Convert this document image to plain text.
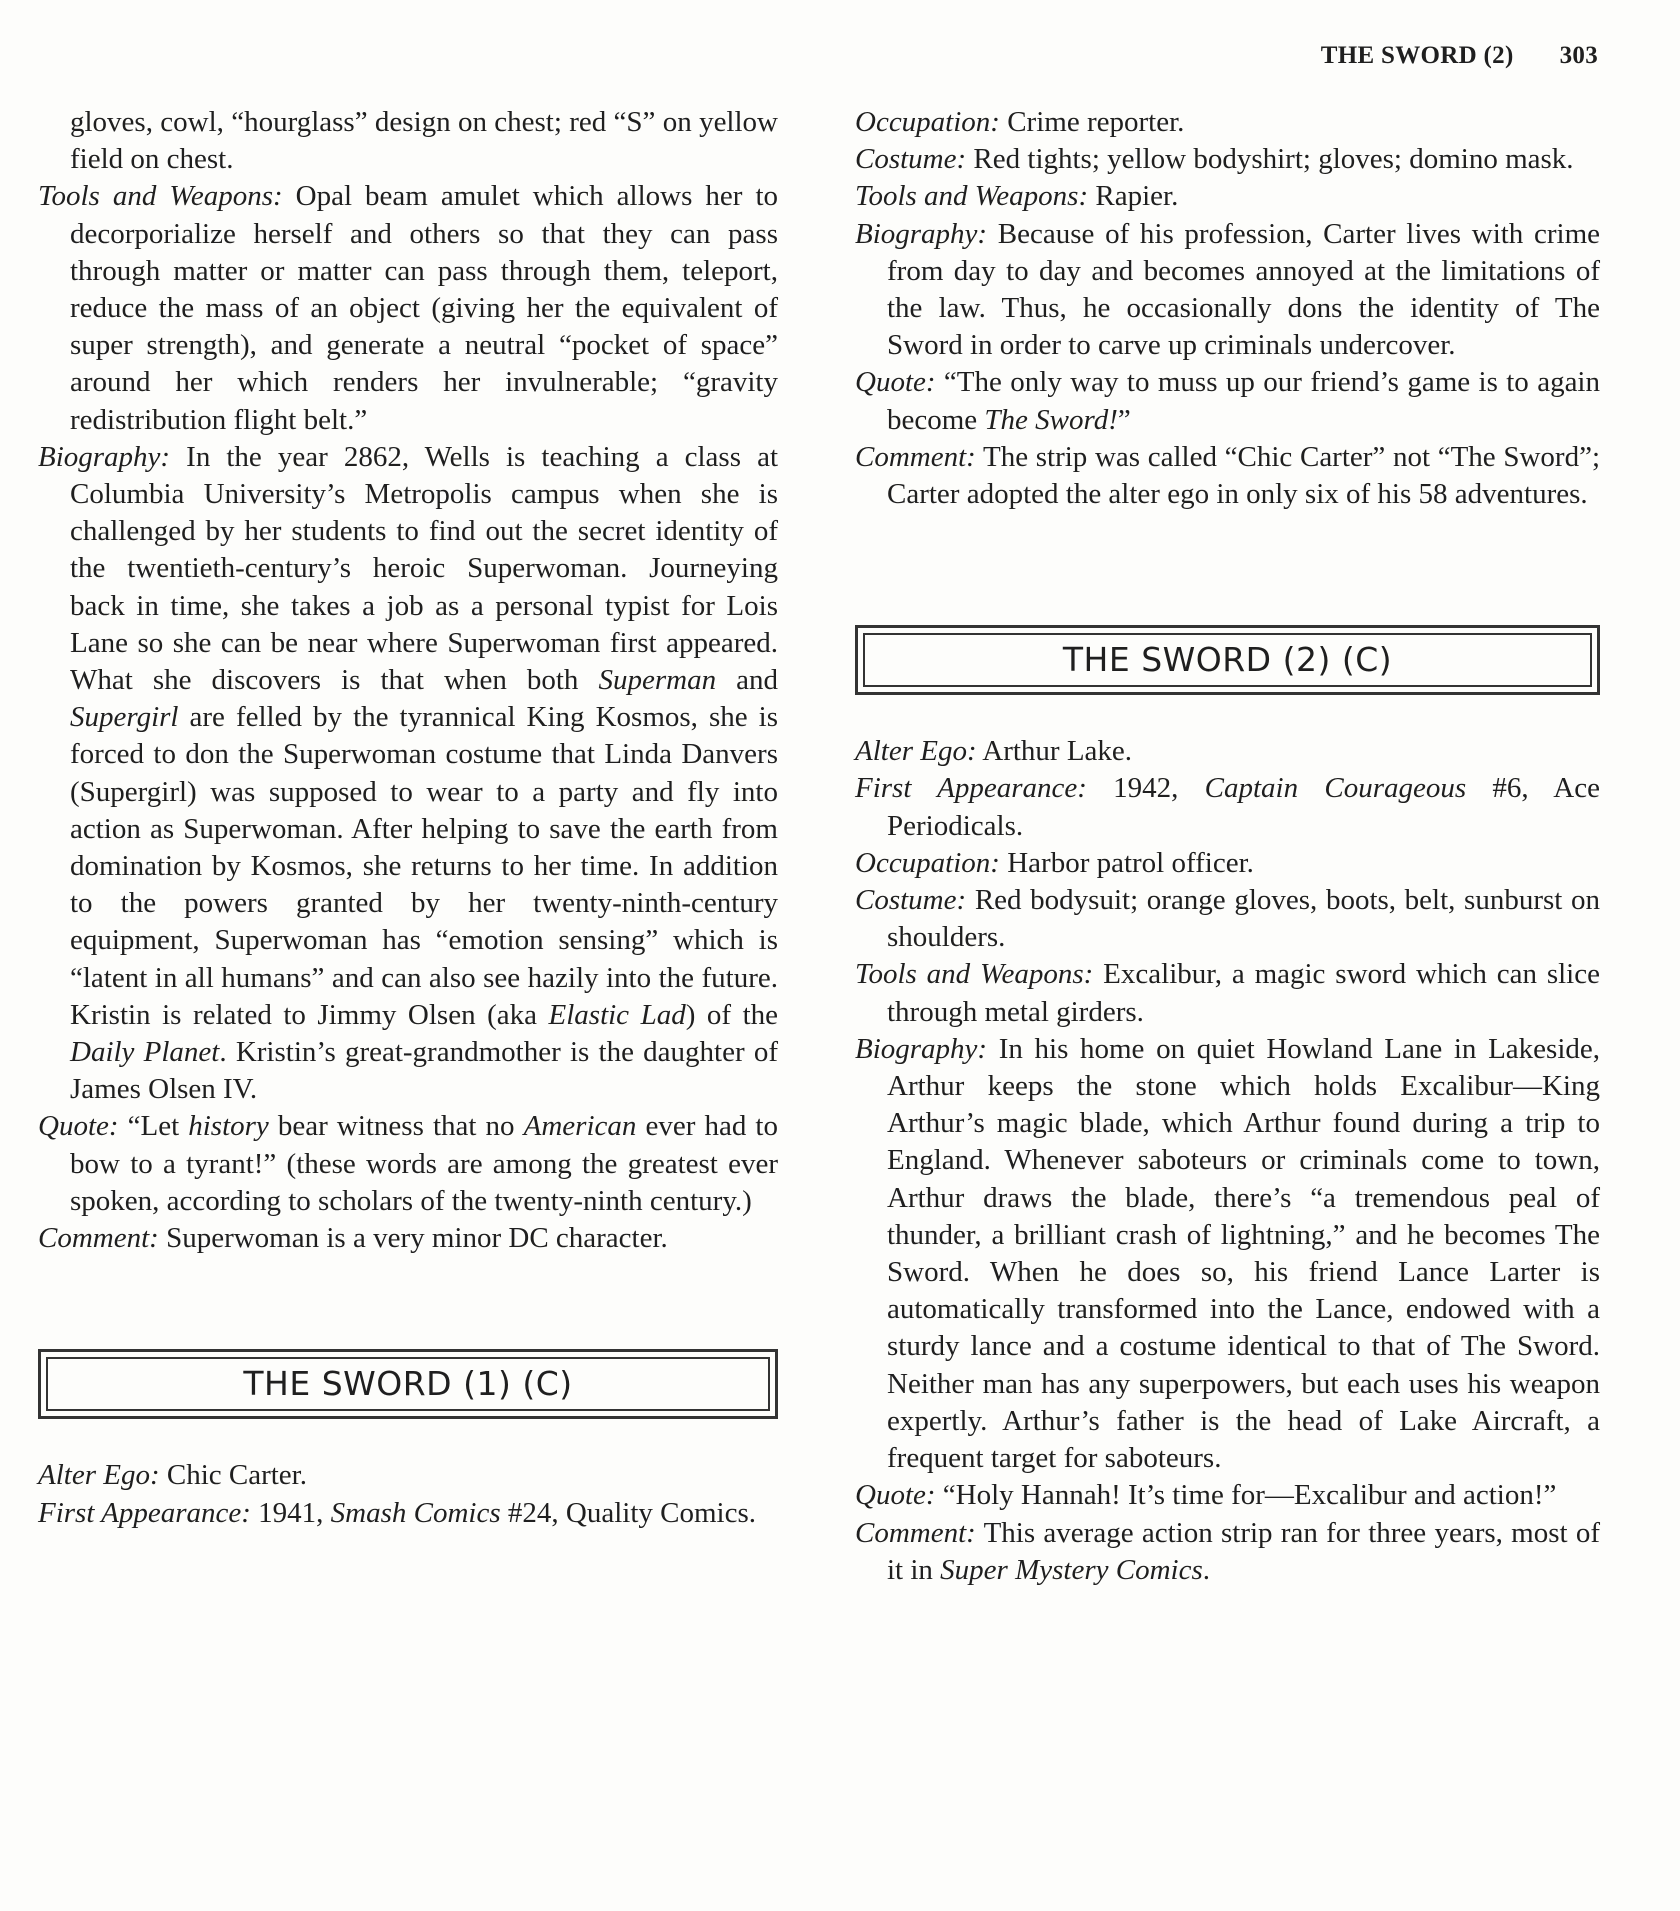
THE SWORD (2) 303

gloves, cowl, “hourglass” design on chest; red “S” on yellow field on chest.

Tools and Weapons: Opal beam amulet which allows her to decorporialize herself and others so that they can pass through matter or matter can pass through them, teleport, reduce the mass of an object (giving her the equivalent of super strength), and generate a neutral “pocket of space” around her which renders her invulnerable; “gravity redistribution flight belt.”

Biography: In the year 2862, Wells is teaching a class at Columbia University’s Metropolis campus when she is challenged by her students to find out the secret identity of the twentieth-century’s heroic Superwoman. Journeying back in time, she takes a job as a personal typist for Lois Lane so she can be near where Superwoman first appeared. What she discovers is that when both Superman and Supergirl are felled by the tyrannical King Kosmos, she is forced to don the Superwoman costume that Linda Danvers (Supergirl) was supposed to wear to a party and fly into action as Superwoman. After helping to save the earth from domination by Kosmos, she returns to her time. In addition to the powers granted by her twenty-ninth-century equipment, Superwoman has “emotion sensing” which is “latent in all humans” and can also see hazily into the future. Kristin is related to Jimmy Olsen (aka Elastic Lad) of the Daily Planet. Kristin’s great-grandmother is the daughter of James Olsen IV.

Quote: “Let history bear witness that no American ever had to bow to a tyrant!” (these words are among the greatest ever spoken, according to scholars of the twenty-ninth century.)

Comment: Superwoman is a very minor DC character.

THE SWORD (1) (C)

Alter Ego: Chic Carter.

First Appearance: 1941, Smash Comics #24, Quality Comics.

Occupation: Crime reporter.

Costume: Red tights; yellow bodyshirt; gloves; domino mask.

Tools and Weapons: Rapier.

Biography: Because of his profession, Carter lives with crime from day to day and becomes annoyed at the limitations of the law. Thus, he occasionally dons the identity of The Sword in order to carve up criminals undercover.

Quote: “The only way to muss up our friend’s game is to again become The Sword!”

Comment: The strip was called “Chic Carter” not “The Sword”; Carter adopted the alter ego in only six of his 58 adventures.

THE SWORD (2) (C)

Alter Ego: Arthur Lake.

First Appearance: 1942, Captain Courageous #6, Ace Periodicals.

Occupation: Harbor patrol officer.

Costume: Red bodysuit; orange gloves, boots, belt, sunburst on shoulders.

Tools and Weapons: Excalibur, a magic sword which can slice through metal girders.

Biography: In his home on quiet Howland Lane in Lakeside, Arthur keeps the stone which holds Excalibur—King Arthur’s magic blade, which Arthur found during a trip to England. Whenever saboteurs or criminals come to town, Arthur draws the blade, there’s “a tremendous peal of thunder, a brilliant crash of lightning,” and he becomes The Sword. When he does so, his friend Lance Larter is automatically transformed into the Lance, endowed with a sturdy lance and a costume identical to that of The Sword. Neither man has any superpowers, but each uses his weapon expertly. Arthur’s father is the head of Lake Aircraft, a frequent target for saboteurs.

Quote: “Holy Hannah! It’s time for—Excalibur and action!”

Comment: This average action strip ran for three years, most of it in Super Mystery Comics.
